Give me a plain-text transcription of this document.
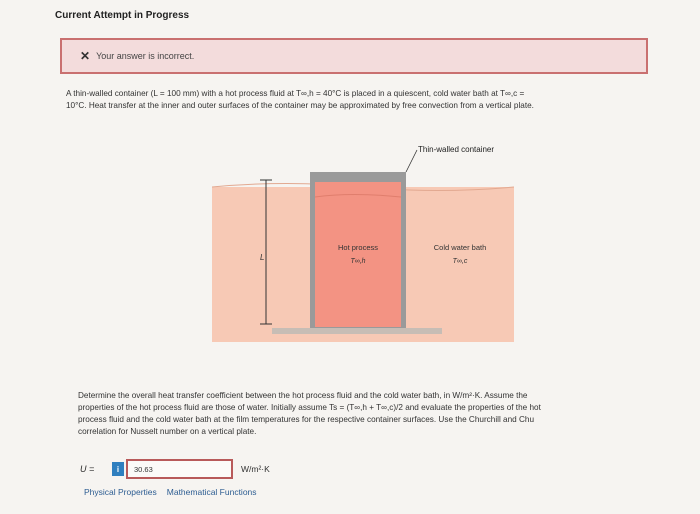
Current Attempt in Progress
✕ Your answer is incorrect.
A thin-walled container (L = 100 mm) with a hot process fluid at T∞,h = 40°C is placed in a quiescent, cold water bath at T∞,c =
10°C. Heat transfer at the inner and outer surfaces of the container may be approximated by free convection from a vertical plate.
L
Thin-walled container
Hot process
T∞,h
Cold water bath
T∞,c
Determine the overall heat transfer coefficient between the hot process fluid and the cold water bath, in W/m²·K. Assume the
properties of the hot process fluid are those of water. Initially assume Ts = (T∞,h + T∞,c)/2 and evaluate the properties of the hot
process fluid and the cold water bath at the film temperatures for the respective container surfaces. Use the Churchill and Chu
correlation for Nusselt number on a vertical plate.
U =	i
30.63	W/m²·K
Physical Properties Mathematical Functions
